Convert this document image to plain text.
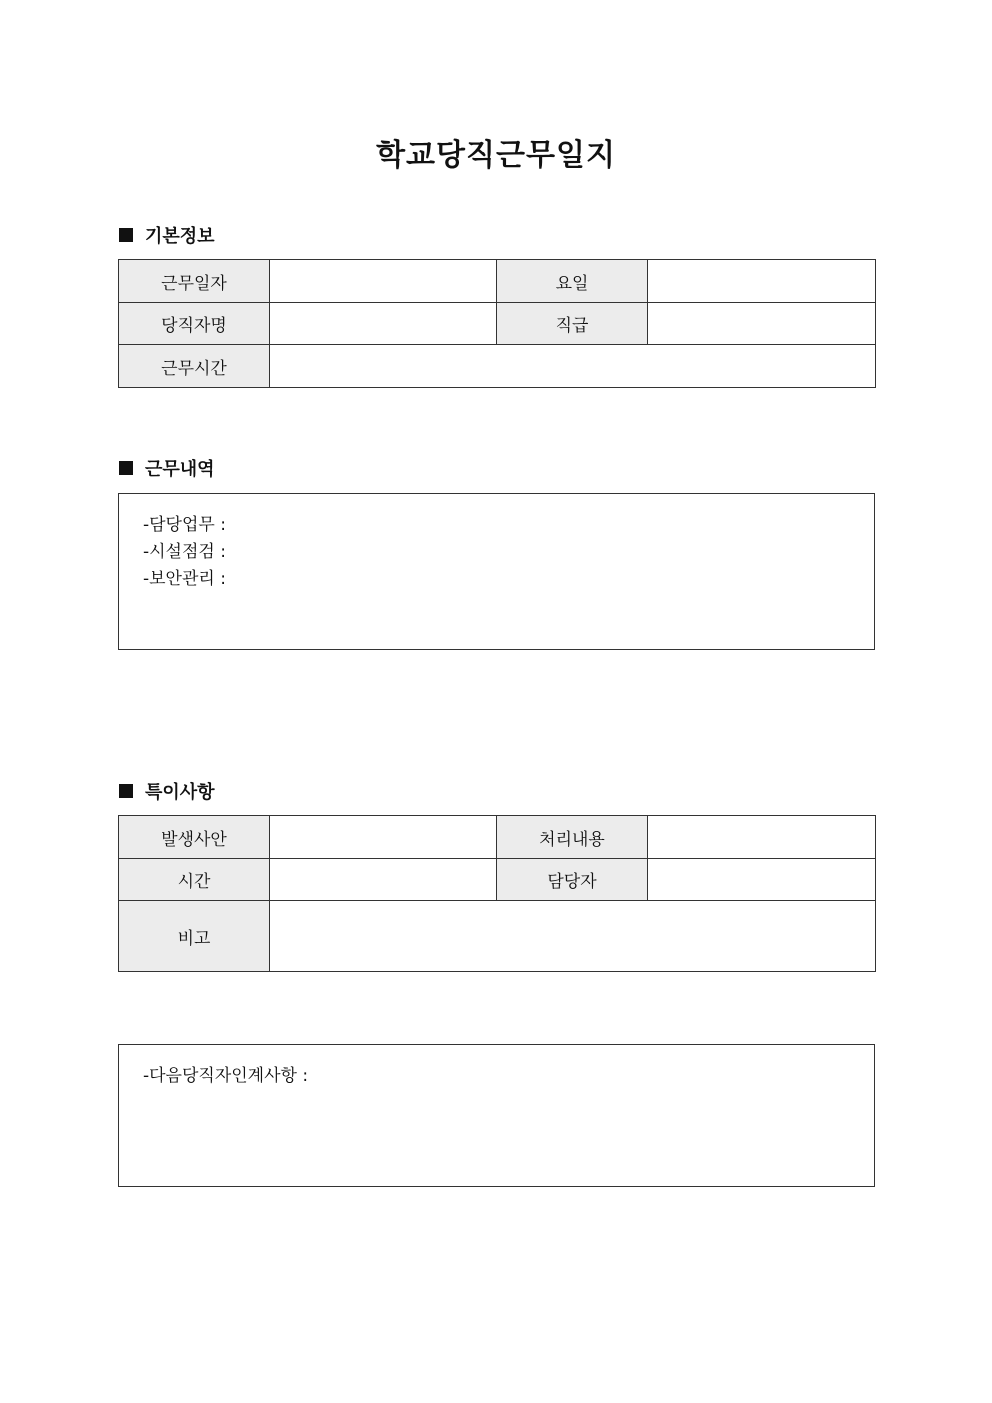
학교당직근무일지
기본정보
근무일자		요일	
당직자명		직급	
근무시간			
근무내역
-담당업무 :
-시설점검 :
-보안관리 :
특이사항
발생사안		처리내용	
시간		담당자	
비고			
-다음당직자인계사항 :
